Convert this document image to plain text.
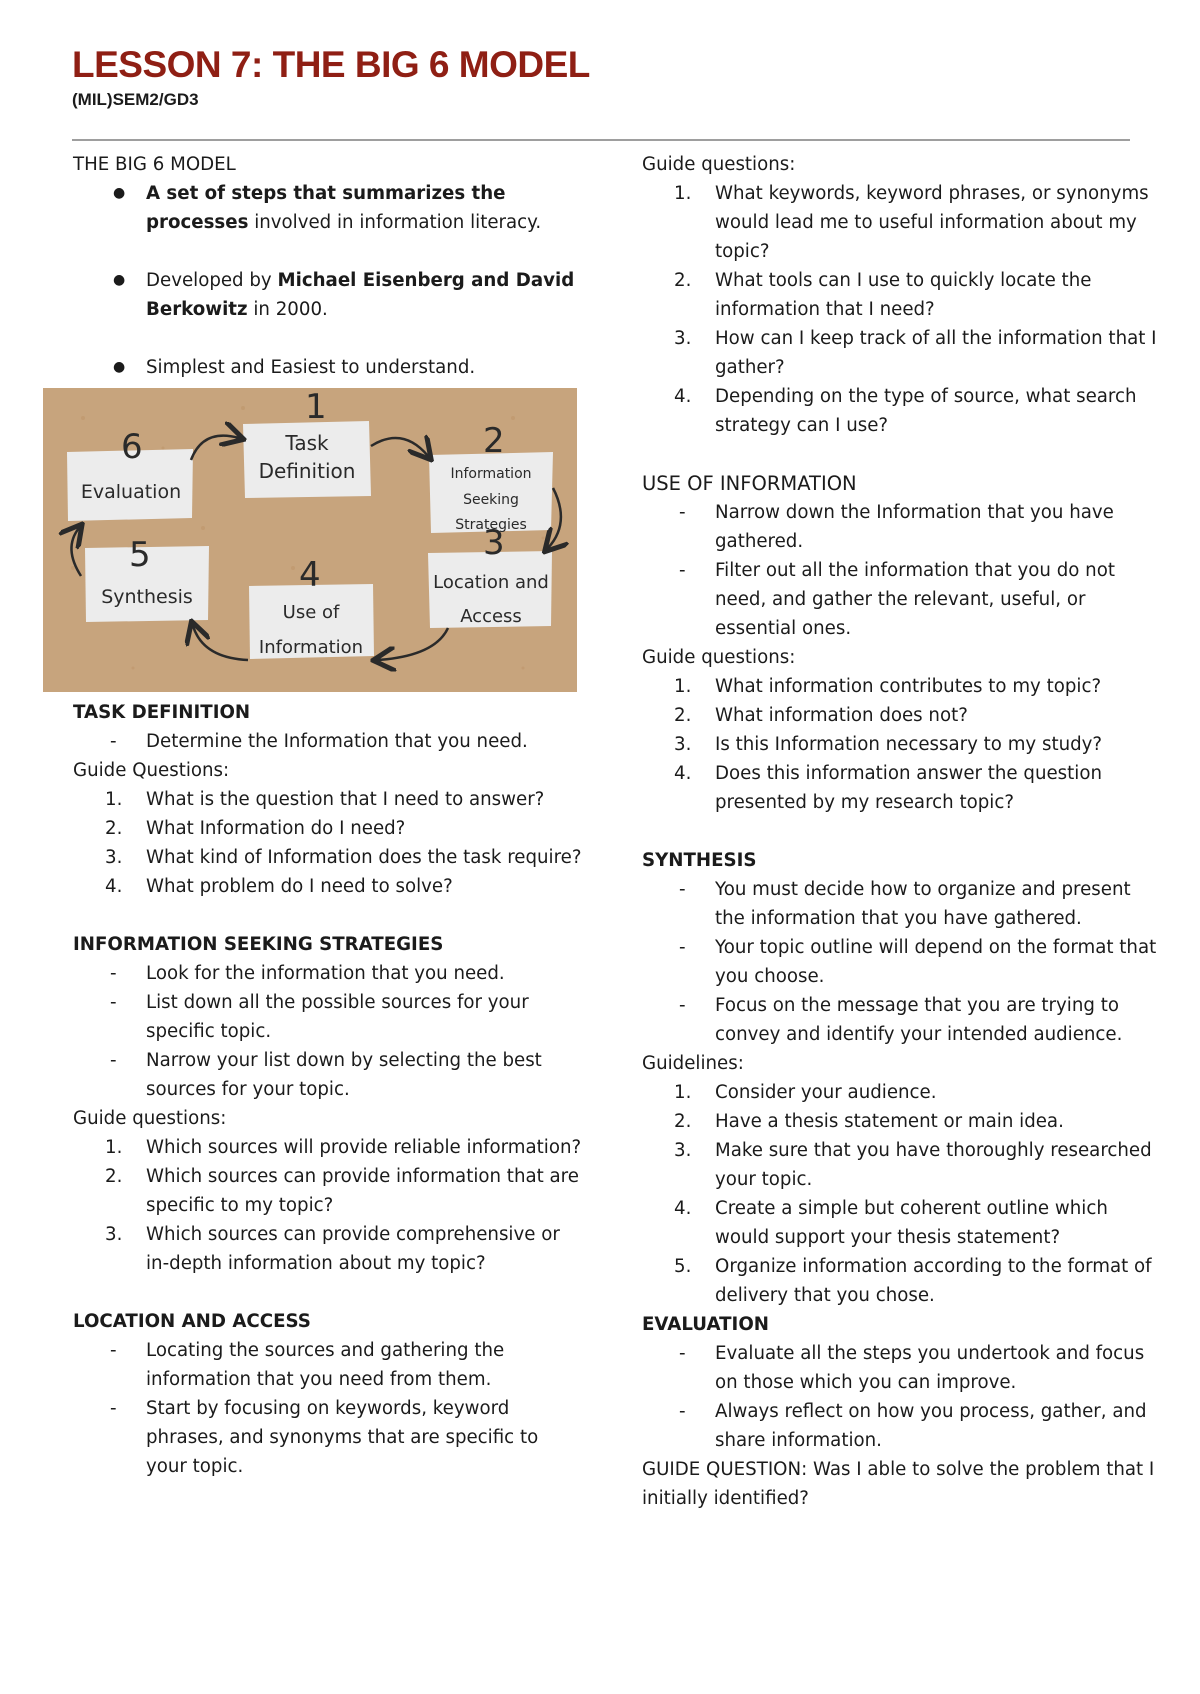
LESSON 7: THE BIG 6 MODEL
(MIL)SEM2/GD3
THE BIG 6 MODEL
● A set of steps that summarizes the processes involved in information literacy.
● Developed by Michael Eisenberg and David Berkowitz in 2000.
● Simplest and Easiest to understand.
1
Task
Definition
2
Information
Seeking
Strategies
3
Location and
Access
4
Use of
Information
5
Synthesis
6
Evaluation
TASK DEFINITION
- Determine the Information that you need.
Guide Questions:
1. What is the question that I need to answer?
2. What Information do I need?
3. What kind of Information does the task require?
4. What problem do I need to solve?
INFORMATION SEEKING STRATEGIES
- Look for the information that you need.
- List down all the possible sources for your specific topic.
- Narrow your list down by selecting the best sources for your topic.
Guide questions:
1. Which sources will provide reliable information?
2. Which sources can provide information that are specific to my topic?
3. Which sources can provide comprehensive or in-depth information about my topic?
LOCATION AND ACCESS
- Locating the sources and gathering the information that you need from them.
- Start by focusing on keywords, keyword phrases, and synonyms that are specific to your topic.
Guide questions:
1. What keywords, keyword phrases, or synonyms would lead me to useful information about my topic?
2. What tools can I use to quickly locate the information that I need?
3. How can I keep track of all the information that I gather?
4. Depending on the type of source, what search strategy can I use?
USE OF INFORMATION
- Narrow down the Information that you have gathered.
- Filter out all the information that you do not need, and gather the relevant, useful, or essential ones.
Guide questions:
1. What information contributes to my topic?
2. What information does not?
3. Is this Information necessary to my study?
4. Does this information answer the question presented by my research topic?
SYNTHESIS
- You must decide how to organize and present the information that you have gathered.
- Your topic outline will depend on the format that you choose.
- Focus on the message that you are trying to convey and identify your intended audience.
Guidelines:
1. Consider your audience.
2. Have a thesis statement or main idea.
3. Make sure that you have thoroughly researched your topic.
4. Create a simple but coherent outline which would support your thesis statement?
5. Organize information according to the format of delivery that you chose.
EVALUATION
- Evaluate all the steps you undertook and focus on those which you can improve.
- Always reflect on how you process, gather, and share information.
GUIDE QUESTION: Was I able to solve the problem that I initially identified?
